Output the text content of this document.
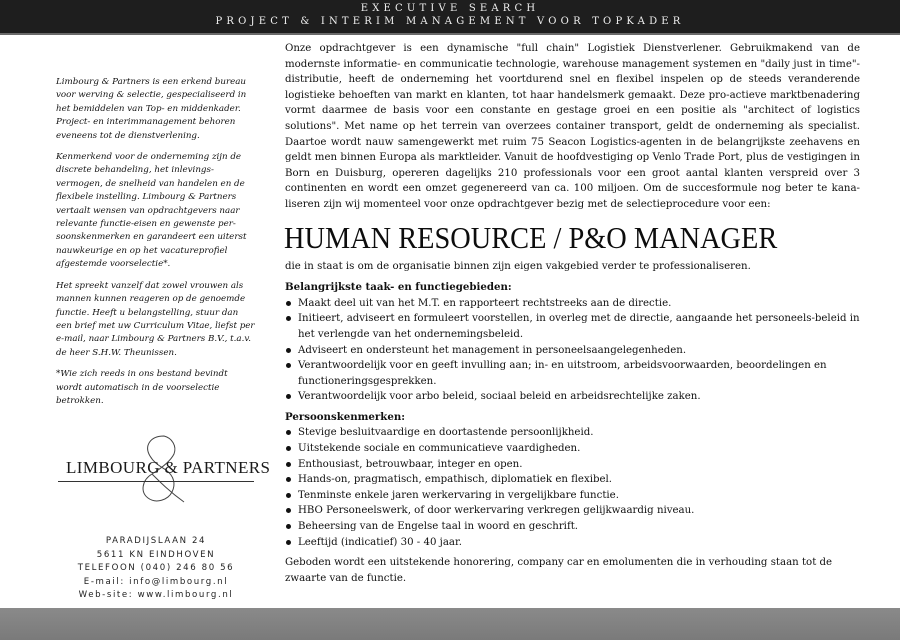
EXECUTIVE SEARCH
PROJECT & INTERIM MANAGEMENT VOOR TOPKADER

Limbourg & Partners is een erkend bureau voor werving & selectie, gespecialiseerd in het bemiddelen van Top- en middenkader. Project- en interimmanagement behoren eveneens tot de dienstverlening.

Kenmerkend voor de onderneming zijn de discrete behandeling, het inlevings-vermogen, de snelheid van handelen en de flexibele instelling. Limbourg & Partners vertaalt wensen van opdrachtgevers naar relevante functie-eisen en gewenste per-soonskenmerken en garandeert een uiterst nauwkeurige en op het vacatureprofiel afgestemde voorselectie*.

Het spreekt vanzelf dat zowel vrouwen als mannen kunnen reageren op de genoemde functie. Heeft u belangstelling, stuur dan een brief met uw Curriculum Vitae, liefst per e-mail, naar Limbourg & Partners B.V., t.a.v. de heer S.H.W. Theunissen.

*Wie zich reeds in ons bestand bevindt wordt automatisch in de voorselectie betrokken.

LIMBOURG & PARTNERS
PARADIJSLAAN 24
5611 KN EINDHOVEN
TELEFOON (040) 246 80 56
E-mail: info@limbourg.nl
Web-site: www.limbourg.nl

Onze opdrachtgever is een dynamische "full chain" Logistiek Dienstverlener. Gebruikmakend van de modernste informatie- en communicatie technologie, warehouse management systemen en "daily just in time"- distributie, heeft de onderneming het voortdurend snel en flexibel inspelen op de steeds veranderende logistieke behoeften van markt en klanten, tot haar handelsmerk gemaakt. Deze pro-actieve marktbenadering vormt daarmee de basis voor een constante en gestage groei en een positie als "architect of logistics solutions". Met name op het terrein van overzees container transport, geldt de onderneming als specialist. Daartoe wordt nauw samengewerkt met ruim 75 Seacon Logistics-agenten in de belangrijkste zeehavens en geldt men binnen Europa als marktleider. Vanuit de hoofdvestiging op Venlo Trade Port, plus de vestigingen in Born en Duisburg, opereren dagelijks 210 professionals voor een groot aantal klanten verspreid over 3 continenten en wordt een omzet gegenereerd van ca. 100 miljoen. Om de succesformule nog beter te kana-liseren zijn wij momenteel voor onze opdrachtgever bezig met de selectieprocedure voor een:

HUMAN RESOURCE / P&O MANAGER

die in staat is om de organisatie binnen zijn eigen vakgebied verder te professionaliseren.

Belangrijkste taak- en functiegebieden:

Maakt deel uit van het M.T. en rapporteert rechtstreeks aan de directie.
Initieert, adviseert en formuleert voorstellen, in overleg met de directie, aangaande het personeels-beleid in het verlengde van het ondernemingsbeleid.
Adviseert en ondersteunt het management in personeelsaangelegenheden.
Verantwoordelijk voor en geeft invulling aan; in- en uitstroom, arbeidsvoorwaarden, beoordelingen en functioneringsgesprekken.
Verantwoordelijk voor arbo beleid, sociaal beleid en arbeidsrechtelijke zaken.

Persoonskenmerken:

Stevige besluitvaardige en doortastende persoonlijkheid.
Uitstekende sociale en communicatieve vaardigheden.
Enthousiast, betrouwbaar, integer en open.
Hands-on, pragmatisch, empathisch, diplomatiek en flexibel.
Tenminste enkele jaren werkervaring in vergelijkbare functie.
HBO Personeelswerk, of door werkervaring verkregen gelijkwaardig niveau.
Beheersing van de Engelse taal in woord en geschrift.
Leeftijd (indicatief) 30 - 40 jaar.

Geboden wordt een uitstekende honorering, company car en emolumenten die in verhouding staan tot de zwaarte van de functie.
